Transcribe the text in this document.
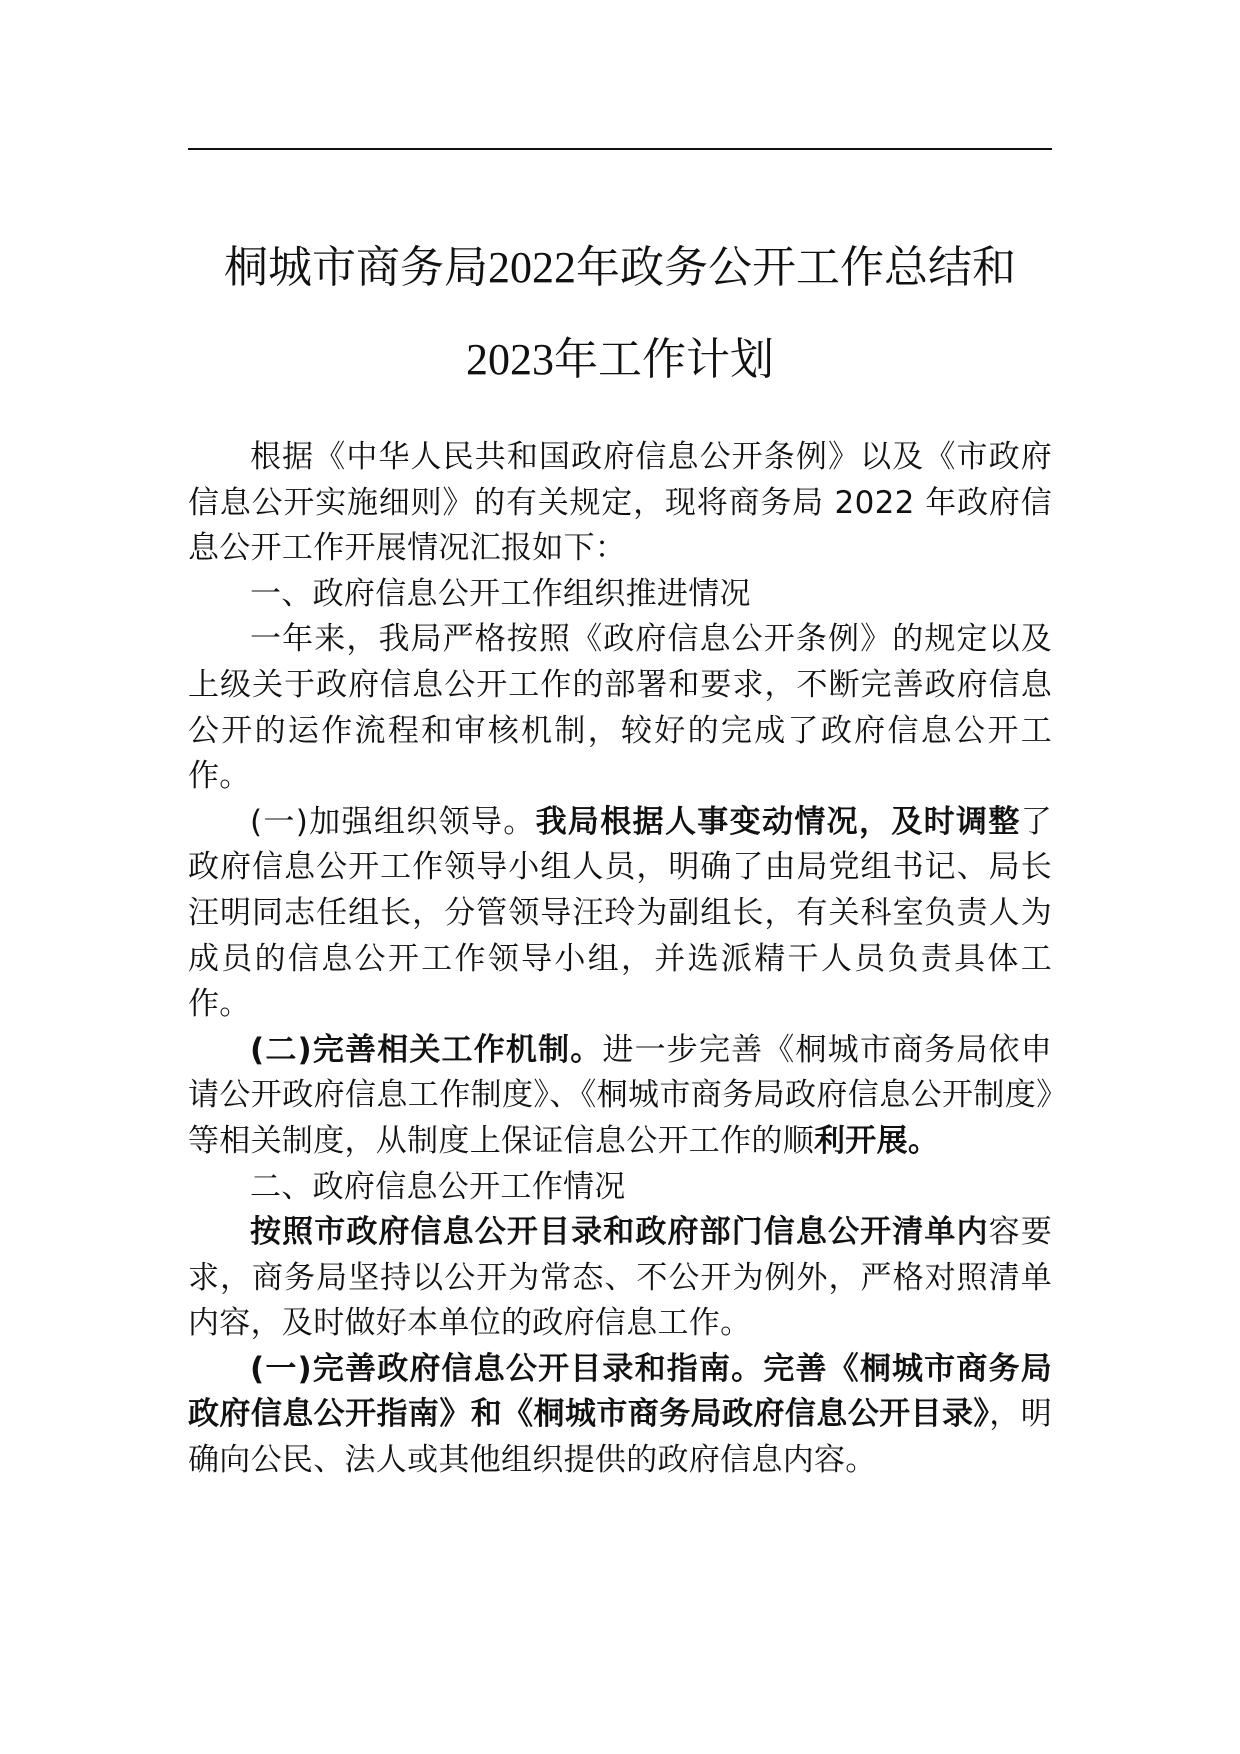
桐城市商务局2022年政务公开工作总结和

2023年工作计划

根据《中华人民共和国政府信息公开条例》以及《市政府信息公开实施细则》的有关规定，现将商务局 2022 年政府信息公开工作开展情况汇报如下：

一、政府信息公开工作组织推进情况

一年来，我局严格按照《政府信息公开条例》的规定以及上级关于政府信息公开工作的部署和要求，不断完善政府信息公开的运作流程和审核机制，较好的完成了政府信息公开工作。

(一)加强组织领导。我局根据人事变动情况，及时调整了政府信息公开工作领导小组人员，明确了由局党组书记、局长汪明同志任组长，分管领导汪玲为副组长，有关科室负责人为成员的信息公开工作领导小组，并选派精干人员负责具体工作。

(二)完善相关工作机制。进一步完善《桐城市商务局依申请公开政府信息工作制度》、《桐城市商务局政府信息公开制度》等相关制度，从制度上保证信息公开工作的顺利开展。

二、政府信息公开工作情况

按照市政府信息公开目录和政府部门信息公开清单内容要求，商务局坚持以公开为常态、不公开为例外，严格对照清单内容，及时做好本单位的政府信息工作。

(一)完善政府信息公开目录和指南。完善《桐城市商务局政府信息公开指南》和《桐城市商务局政府信息公开目录》，明确向公民、法人或其他组织提供的政府信息内容。
